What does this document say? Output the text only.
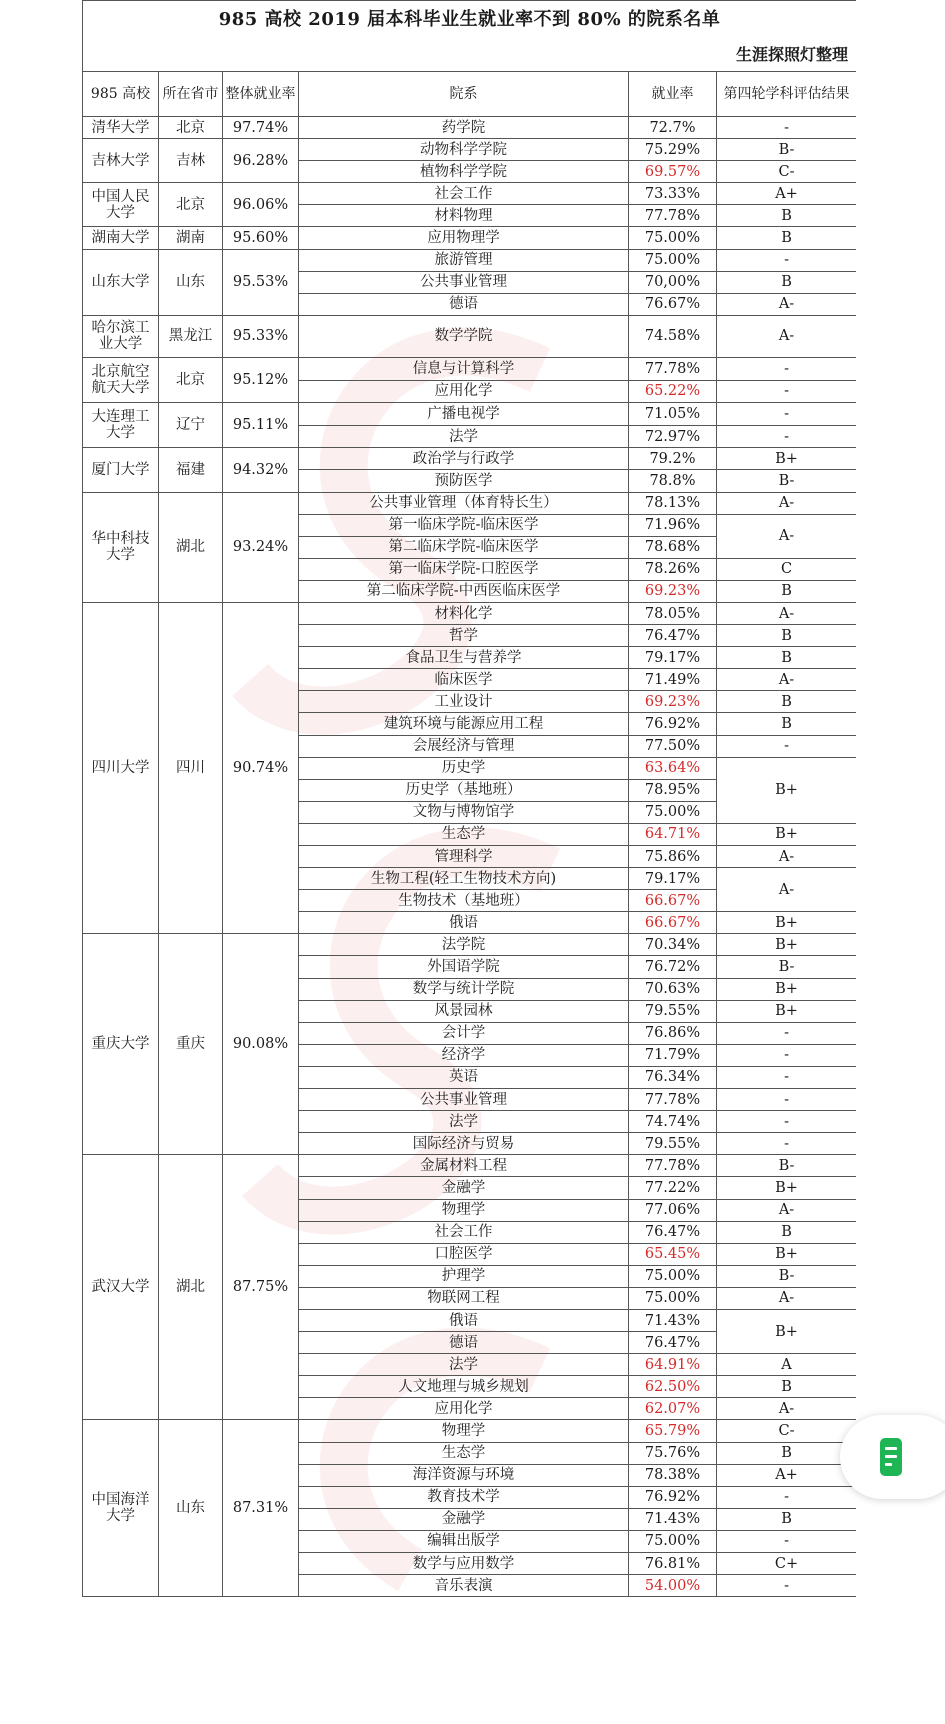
985 高校 2019 届本科毕业生就业率不到 80% 的院系名单					
生涯探照灯整理					
985 高校	所在省市	整体就业率	院系	就业率	第四轮学科评估结果
清华大学	北京	97.74%	药学院	72.7%	-
吉林大学	吉林	96.28%	动物科学学院	75.29%	B-
			植物科学学院	69.57%	C-
中国人民大学	北京	96.06%	社会工作	73.33%	A+
			材料物理	77.78%	B
湖南大学	湖南	95.60%	应用物理学	75.00%	B
山东大学	山东	95.53%	旅游管理	75.00%	-
			公共事业管理	70,00%	B
			德语	76.67%	A-
哈尔滨工业大学	黑龙江	95.33%	数学学院	74.58%	A-
北京航空航天大学	北京	95.12%	信息与计算科学	77.78%	-
			应用化学	65.22%	-
大连理工大学	辽宁	95.11%	广播电视学	71.05%	-
			法学	72.97%	-
厦门大学	福建	94.32%	政治学与行政学	79.2%	B+
			预防医学	78.8%	B-
华中科技大学	湖北	93.24%	公共事业管理（体育特长生）	78.13%	A-
			第一临床学院-临床医学	71.96%	A-
			第二临床学院-临床医学	78.68%	
			第一临床学院-口腔医学	78.26%	C
			第二临床学院-中西医临床医学	69.23%	B
四川大学	四川	90.74%	材料化学	78.05%	A-
			哲学	76.47%	B
			食品卫生与营养学	79.17%	B
			临床医学	71.49%	A-
			工业设计	69.23%	B
			建筑环境与能源应用工程	76.92%	B
			会展经济与管理	77.50%	-
			历史学	63.64%	B+
			历史学（基地班）	78.95%	
			文物与博物馆学	75.00%	
			生态学	64.71%	B+
			管理科学	75.86%	A-
			生物工程(轻工生物技术方向)	79.17%	A-
			生物技术（基地班）	66.67%	
			俄语	66.67%	B+
重庆大学	重庆	90.08%	法学院	70.34%	B+
			外国语学院	76.72%	B-
			数学与统计学院	70.63%	B+
			风景园林	79.55%	B+
			会计学	76.86%	-
			经济学	71.79%	-
			英语	76.34%	-
			公共事业管理	77.78%	-
			法学	74.74%	-
			国际经济与贸易	79.55%	-
武汉大学	湖北	87.75%	金属材料工程	77.78%	B-
			金融学	77.22%	B+
			物理学	77.06%	A-
			社会工作	76.47%	B
			口腔医学	65.45%	B+
			护理学	75.00%	B-
			物联网工程	75.00%	A-
			俄语	71.43%	B+
			德语	76.47%	
			法学	64.91%	A
			人文地理与城乡规划	62.50%	B
			应用化学	62.07%	A-
中国海洋大学	山东	87.31%	物理学	65.79%	C-
			生态学	75.76%	B
			海洋资源与环境	78.38%	A+
			教育技术学	76.92%	-
			金融学	71.43%	B
			编辑出版学	75.00%	-
			数学与应用数学	76.81%	C+
			音乐表演	54.00%	-
